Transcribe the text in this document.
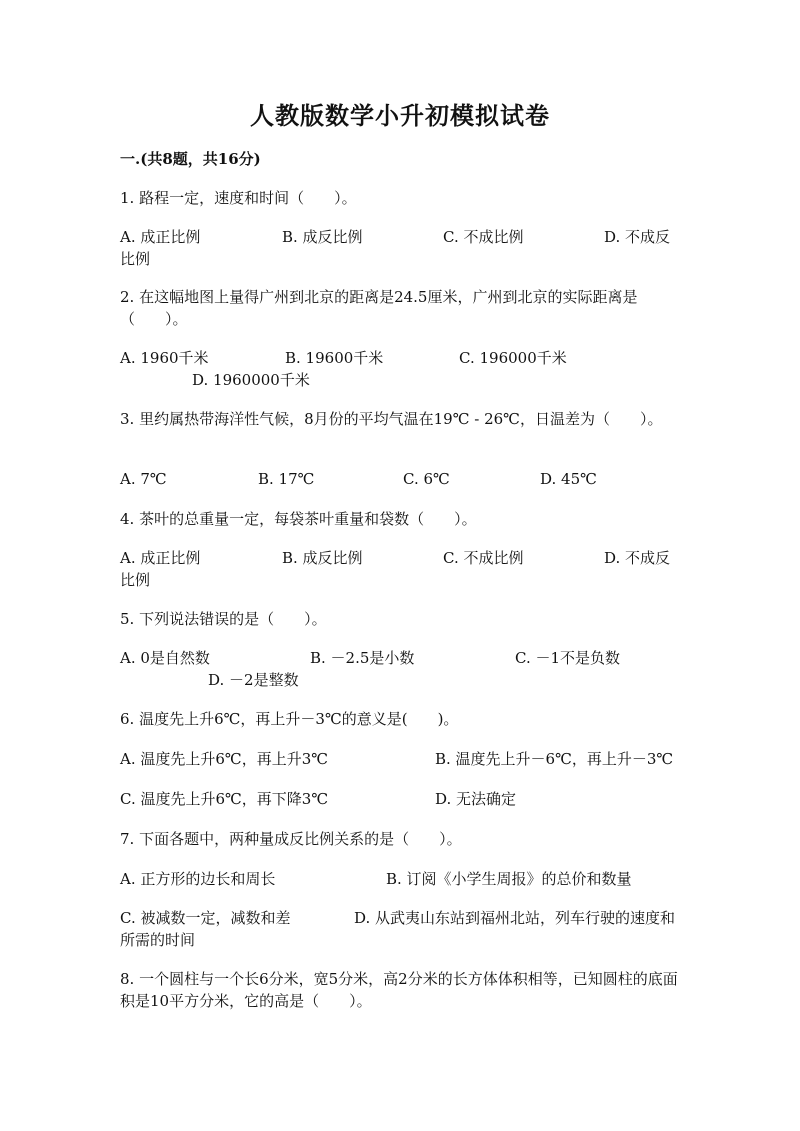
人教版数学小升初模拟试卷
一.(共8题，共16分)
1. 路程一定，速度和时间（　　）。
A. 成正比例	B. 成反比例	C. 不成比例	D. 不成反比例
2. 在这幅地图上量得广州到北京的距离是24.5厘米，广州到北京的实际距离是（　　）。
A. 1960千米	B. 19600千米	C. 196000千米
D. 1960000千米
3. 里约属热带海洋性气候，8月份的平均气温在19℃ - 26℃，日温差为（　　）。
A. 7℃	B. 17℃	C. 6℃	D. 45℃
4. 茶叶的总重量一定，每袋茶叶重量和袋数（　　）。
A. 成正比例	B. 成反比例	C. 不成比例	D. 不成反比例
5. 下列说法错误的是（　　）。
A. 0是自然数	B. －2.5是小数	C. －1不是负数
D. －2是整数
6. 温度先上升6℃，再上升－3℃的意义是(　　)。
A. 温度先上升6℃，再上升3℃	B. 温度先上升－6℃，再上升－3℃
C. 温度先上升6℃，再下降3℃	D. 无法确定
7. 下面各题中，两种量成反比例关系的是（　　）。
A. 正方形的边长和周长	B. 订阅《小学生周报》的总价和数量
C. 被减数一定，减数和差	D. 从武夷山东站到福州北站，列车行驶的速度和所需的时间
8. 一个圆柱与一个长6分米，宽5分米，高2分米的长方体体积相等，已知圆柱的底面积是10平方分米，它的高是（　　）。
